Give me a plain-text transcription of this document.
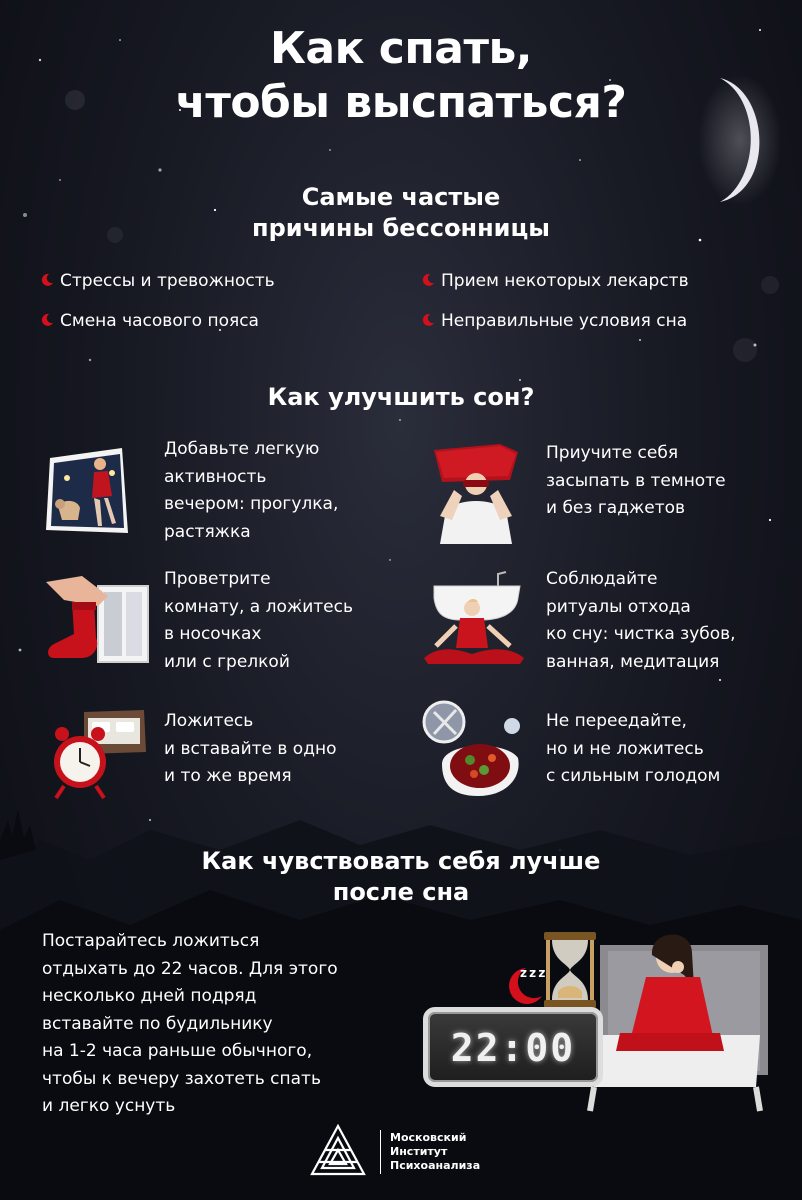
Как спать,
чтобы выспаться?
Самые частые
причины бессонницы
Стрессы и тревожность	Прием некоторых лекарств
Смена часового пояса	Неправильные условия сна
Как улучшить сон?
Добавьте легкую
активность
вечером: прогулка,
растяжка
Приучите себя
засыпать в темноте
и без гаджетов
Проветрите
комнату, а ложитесь
в носочках
или с грелкой
Соблюдайте
ритуалы отхода
ко сну: чистка зубов,
ванная, медитация
Ложитесь
и вставайте в одно
и то же время
Не переедайте,
но и не ложитесь
с сильным голодом
Как чувствовать себя лучше
после сна
Постарайтесь ложиться
отдыхать до 22 часов. Для этого
несколько дней подряд
вставайте по будильнику
на 1-2 часа раньше обычного,
чтобы к вечеру захотеть спать
и легко уснуть
z z z
22:00
Московский
Институт
Психоанализа
